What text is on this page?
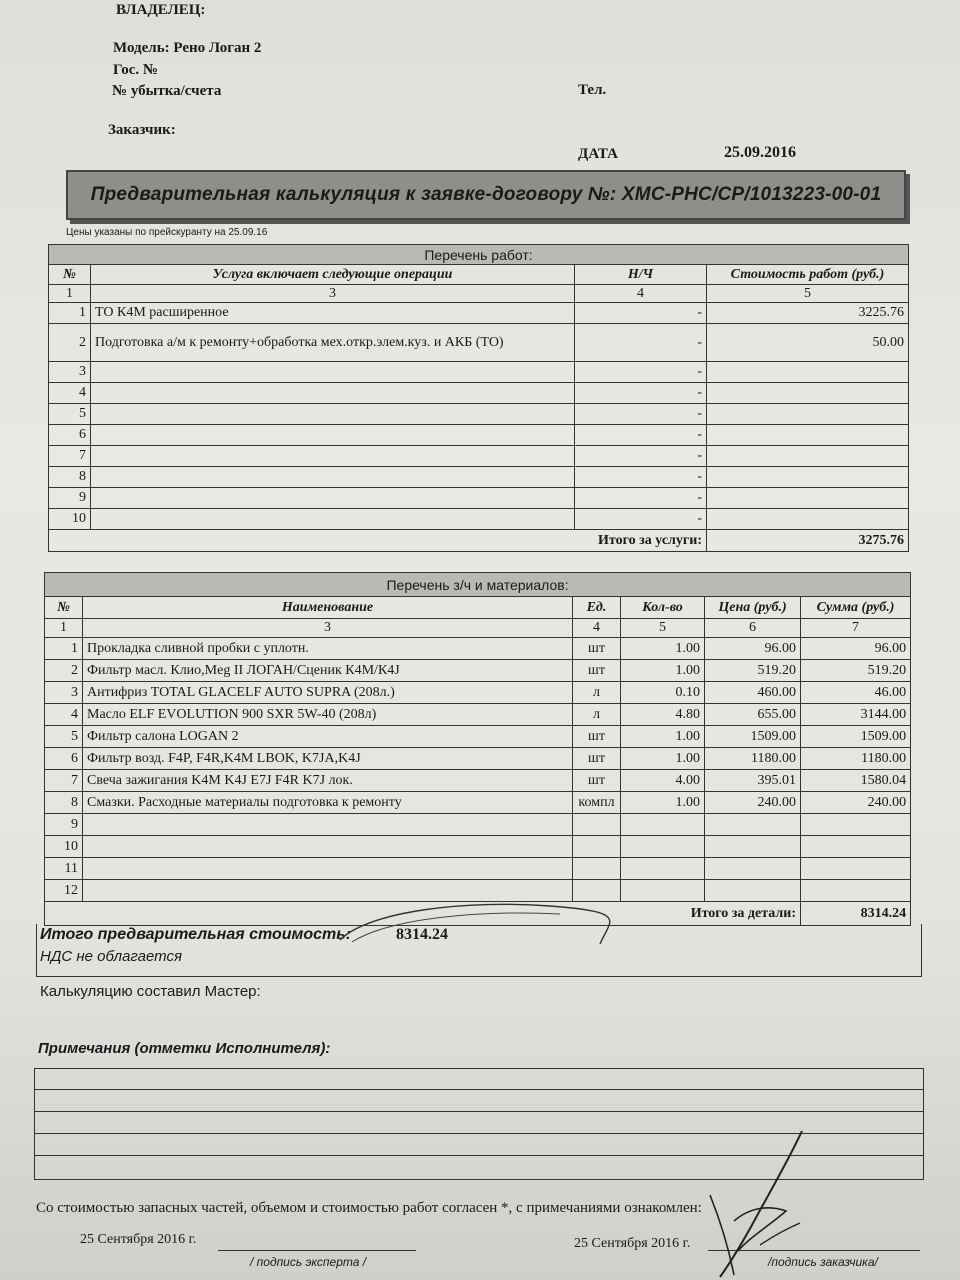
ВЛАДЕЛЕЦ:
Модель: Рено Логан 2
Гос. №
№ убытка/счета	Тел.
Заказчик:
ДАТА	25.09.2016
Предварительная калькуляция к заявке-договору №: ХМС-РНС/СР/1013223-00-01
Цены указаны по прейскуранту на 25.09.16
Перечень работ:			
№	Услуга включает следующие операции	Н/Ч	Стоимость работ (руб.)
1	3	4	5
1	ТО К4М расширенное	-	3225.76
2	Подготовка а/м к ремонту+обработка мех.откр.элем.куз. и АКБ (ТО)	-	50.00
3		-	
4		-	
5		-	
6		-	
7		-	
8		-	
9		-	
10		-	
Итого за услуги:			3275.76
Перечень з/ч и материалов:					
№	Наименование	Ед.	Кол-во	Цена (руб.)	Сумма (руб.)
1	3	4	5	6	7
1	Прокладка сливной пробки с уплотн.	шт	1.00	96.00	96.00
2	Фильтр масл. Клио,Meg II ЛОГАН/Сценик К4М/К4J	шт	1.00	519.20	519.20
3	Антифриз TOTAL GLACELF AUTO SUPRA (208л.)	л	0.10	460.00	46.00
4	Масло ELF EVOLUTION 900 SXR 5W-40 (208л)	л	4.80	655.00	3144.00
5	Фильтр салона LOGAN 2	шт	1.00	1509.00	1509.00
6	Фильтр возд. F4P, F4R,K4M LBOK, K7JA,K4J	шт	1.00	1180.00	1180.00
7	Свеча зажигания K4M K4J E7J F4R K7J лок.	шт	4.00	395.01	1580.04
8	Смазки. Расходные материалы подготовка к ремонту	компл	1.00	240.00	240.00
9					
10					
11					
12					
Итого за детали:					8314.24
Итого предварительная стоимость:	8314.24
НДС не облагается
Калькуляцию составил Мастер:
Примечания (отметки Исполнителя):
Со стоимостью запасных частей, объемом и стоимостью работ согласен *, с примечаниями ознакомлен:
25 Сентября 2016 г.
/ подпись эксперта /
25 Сентября 2016 г.
/подпись заказчика/
